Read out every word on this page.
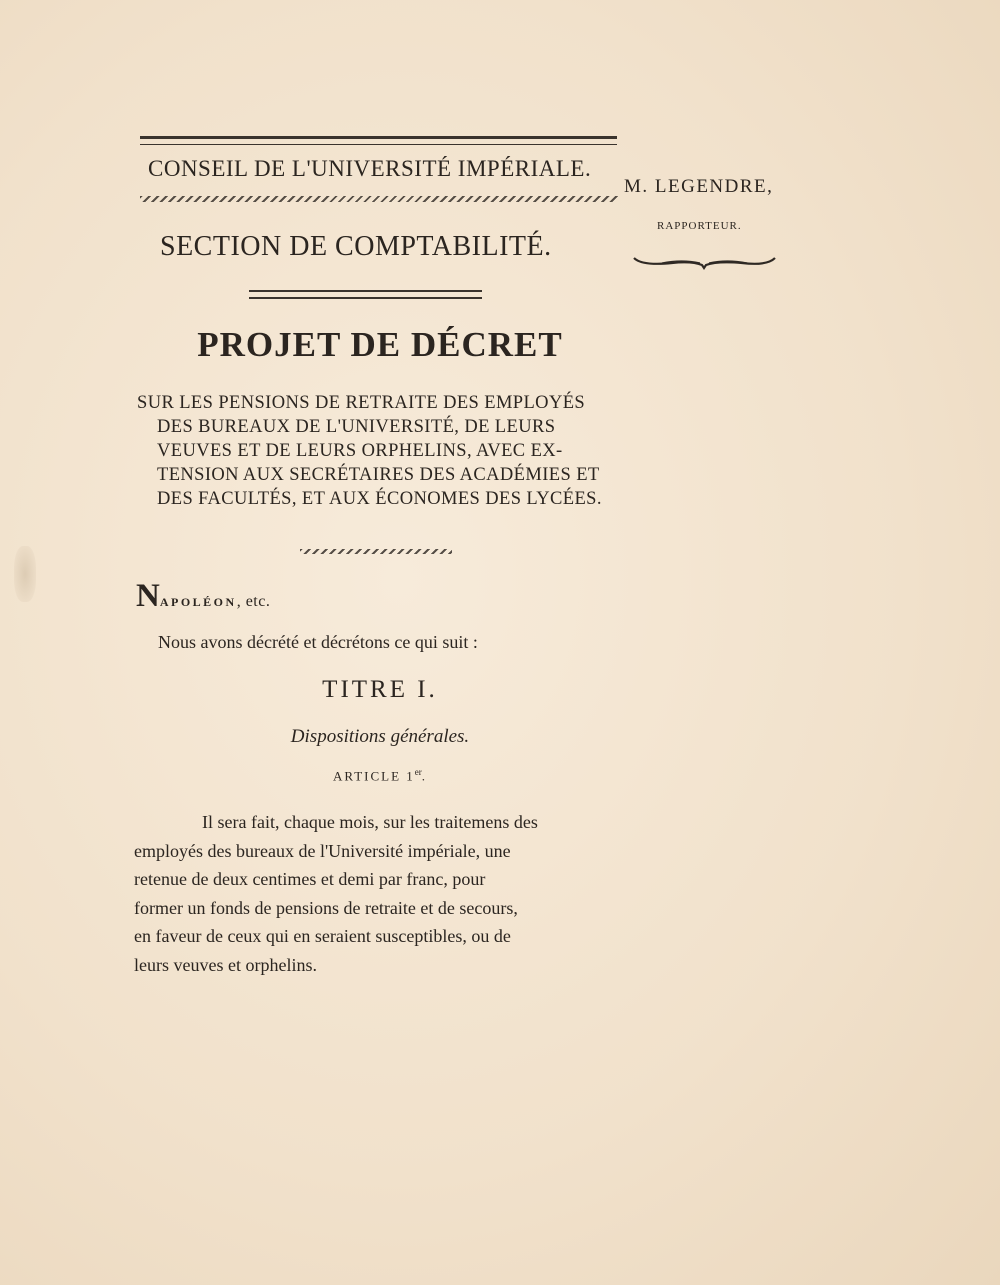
CONSEIL DE L'UNIVERSITÉ IMPÉRIALE.
M. LEGENDRE,
RAPPORTEUR.
SECTION DE COMPTABILITÉ.
PROJET DE DÉCRET
SUR LES PENSIONS DE RETRAITE DES EMPLOYÉS
DES BUREAUX DE L'UNIVERSITÉ, DE LEURS
VEUVES ET DE LEURS ORPHELINS, AVEC EX-
TENSION AUX SECRÉTAIRES DES ACADÉMIES ET
DES FACULTÉS, ET AUX ÉCONOMES DES LYCÉES.
NAPOLÉON, etc.
Nous avons décrété et décrétons ce qui suit :
TITRE I.
Dispositions générales.
ARTICLE 1er.
Il sera fait, chaque mois, sur les traitemens des
employés des bureaux de l'Université impériale, une
retenue de deux centimes et demi par franc, pour
former un fonds de pensions de retraite et de secours,
en faveur de ceux qui en seraient susceptibles, ou de
leurs veuves et orphelins.
